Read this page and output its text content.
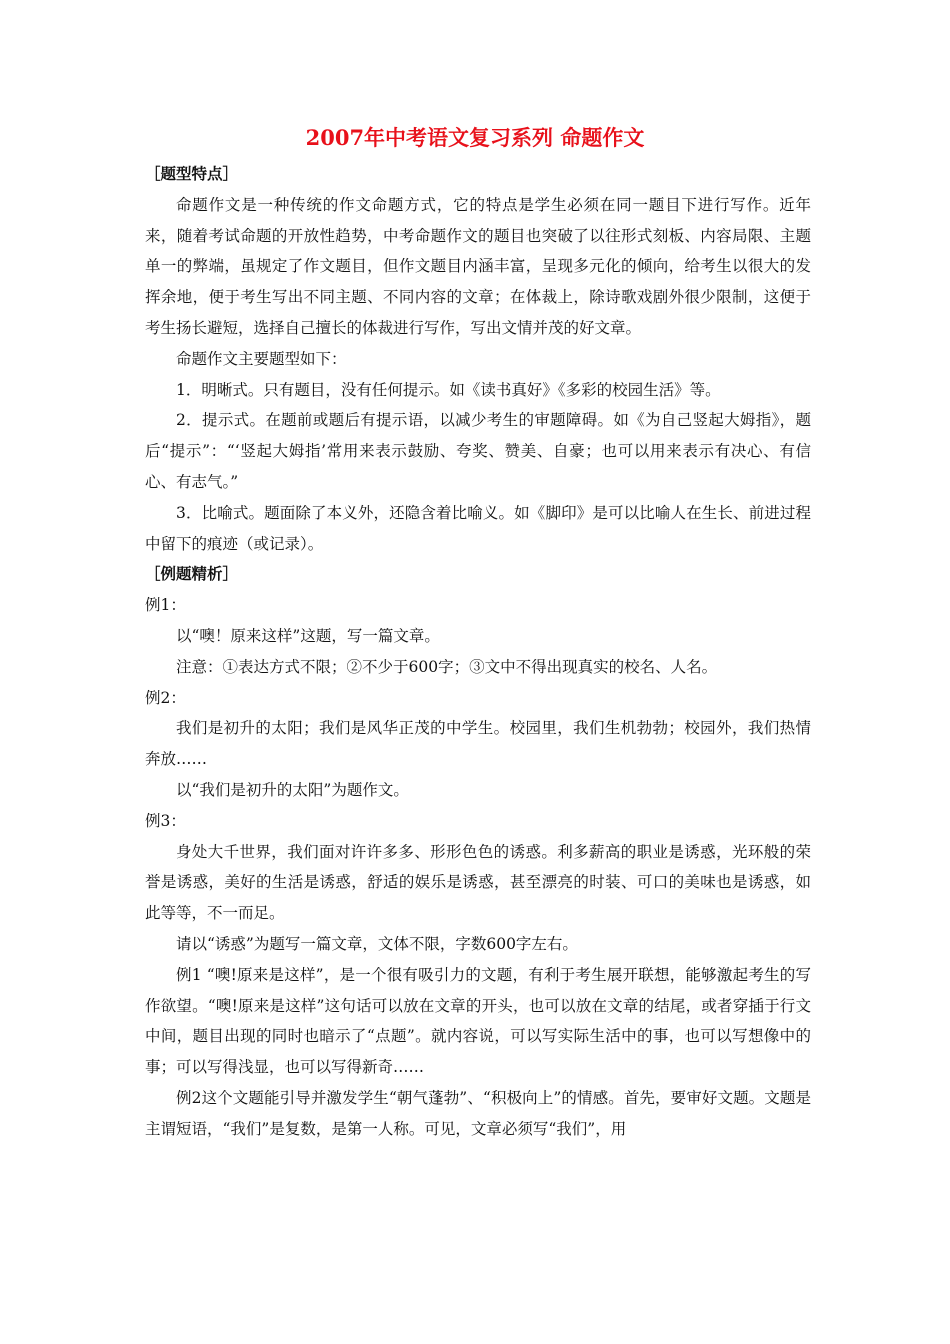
2007年中考语文复习系列 命题作文

［题型特点］

命题作文是一种传统的作文命题方式，它的特点是学生必须在同一题目下进行写作。近年来，随着考试命题的开放性趋势，中考命题作文的题目也突破了以往形式刻板、内容局限、主题单一的弊端，虽规定了作文题目，但作文题目内涵丰富，呈现多元化的倾向，给考生以很大的发挥余地，便于考生写出不同主题、不同内容的文章；在体裁上，除诗歌戏剧外很少限制，这便于考生扬长避短，选择自己擅长的体裁进行写作，写出文情并茂的好文章。

命题作文主要题型如下：

1．明晰式。只有题目，没有任何提示。如《读书真好》《多彩的校园生活》等。

2．提示式。在题前或题后有提示语，以减少考生的审题障碍。如《为自己竖起大姆指》，题后“提示”：“‘竖起大姆指’常用来表示鼓励、夸奖、赞美、自豪；也可以用来表示有决心、有信心、有志气。”

3．比喻式。题面除了本义外，还隐含着比喻义。如《脚印》是可以比喻人在生长、前进过程中留下的痕迹（或记录）。

［例题精析］

例1：

以“噢！原来这样”这题，写一篇文章。

注意：①表达方式不限；②不少于600字；③文中不得出现真实的校名、人名。

例2：

我们是初升的太阳；我们是风华正茂的中学生。校园里，我们生机勃勃；校园外，我们热情奔放……

以“我们是初升的太阳”为题作文。

例3：

身处大千世界，我们面对许许多多、形形色色的诱惑。利多薪高的职业是诱惑，光环般的荣誉是诱惑，美好的生活是诱惑，舒适的娱乐是诱惑，甚至漂亮的时装、可口的美味也是诱惑，如此等等，不一而足。

请以“诱惑”为题写一篇文章，文体不限，字数600字左右。

例1 “噢!原来是这样”，是一个很有吸引力的文题，有利于考生展开联想，能够激起考生的写作欲望。“噢!原来是这样”这句话可以放在文章的开头，也可以放在文章的结尾，或者穿插于行文中间，题目出现的同时也暗示了“点题”。就内容说，可以写实际生活中的事，也可以写想像中的事；可以写得浅显，也可以写得新奇……

例2这个文题能引导并激发学生“朝气蓬勃”、“积极向上”的情感。首先，要审好文题。文题是主谓短语，“我们”是复数，是第一人称。可见，文章必须写“我们”，用
